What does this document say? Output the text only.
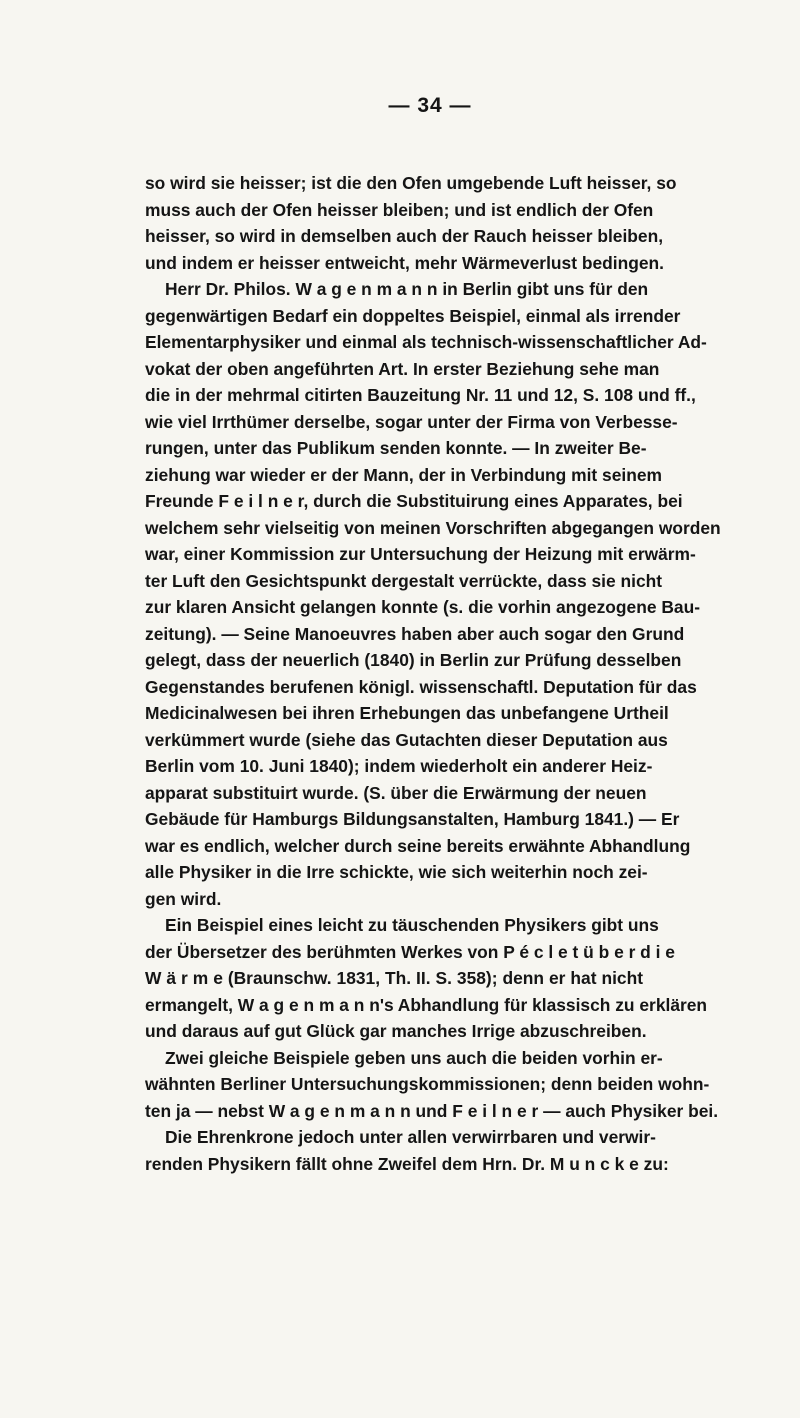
— 34 —
so wird sie heisser; ist die den Ofen umgebende Luft heisser, so
muss auch der Ofen heisser bleiben; und ist endlich der Ofen
heisser, so wird in demselben auch der Rauch heisser bleiben,
und indem er heisser entweicht, mehr Wärmeverlust bedingen.
Herr Dr. Philos. W a g e n m a n n in Berlin gibt uns für den
gegenwärtigen Bedarf ein doppeltes Beispiel, einmal als irrender
Elementarphysiker und einmal als technisch-wissenschaftlicher Ad-
vokat der oben angeführten Art. In erster Beziehung sehe man
die in der mehrmal citirten Bauzeitung Nr. 11 und 12, S. 108 und ff.,
wie viel Irrthümer derselbe, sogar unter der Firma von Verbesse-
rungen, unter das Publikum senden konnte. — In zweiter Be-
ziehung war wieder er der Mann, der in Verbindung mit seinem
Freunde F e i l n e r, durch die Substituirung eines Apparates, bei
welchem sehr vielseitig von meinen Vorschriften abgegangen worden
war, einer Kommission zur Untersuchung der Heizung mit erwärm-
ter Luft den Gesichtspunkt dergestalt verrückte, dass sie nicht
zur klaren Ansicht gelangen konnte (s. die vorhin angezogene Bau-
zeitung). — Seine Manoeuvres haben aber auch sogar den Grund
gelegt, dass der neuerlich (1840) in Berlin zur Prüfung desselben
Gegenstandes berufenen königl. wissenschaftl. Deputation für das
Medicinalwesen bei ihren Erhebungen das unbefangene Urtheil
verkümmert wurde (siehe das Gutachten dieser Deputation aus
Berlin vom 10. Juni 1840); indem wiederholt ein anderer Heiz-
apparat substituirt wurde. (S. über die Erwärmung der neuen
Gebäude für Hamburgs Bildungsanstalten, Hamburg 1841.) — Er
war es endlich, welcher durch seine bereits erwähnte Abhandlung
alle Physiker in die Irre schickte, wie sich weiterhin noch zei-
gen wird.
Ein Beispiel eines leicht zu täuschenden Physikers gibt uns
der Übersetzer des berühmten Werkes von P é c l e t ü b e r d i e
W ä r m e (Braunschw. 1831, Th. II. S. 358); denn er hat nicht
ermangelt, W a g e n m a n n's Abhandlung für klassisch zu erklären
und daraus auf gut Glück gar manches Irrige abzuschreiben.
Zwei gleiche Beispiele geben uns auch die beiden vorhin er-
wähnten Berliner Untersuchungskommissionen; denn beiden wohn-
ten ja — nebst W a g e n m a n n und F e i l n e r — auch Physiker bei.
Die Ehrenkrone jedoch unter allen verwirrbaren und verwir-
renden Physikern fällt ohne Zweifel dem Hrn. Dr. M u n c k e zu:
